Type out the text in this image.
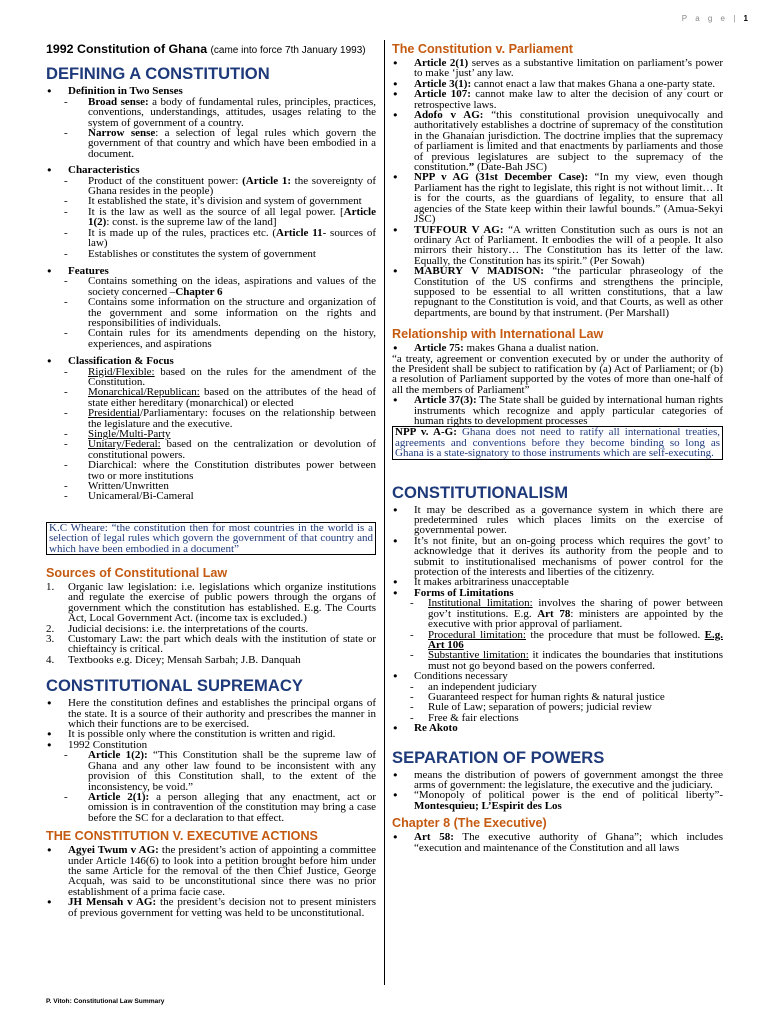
P a g e | 1
1992 Constitution of Ghana (came into force 7th January 1993)
DEFINING A CONSTITUTION
● Definition in Two Senses
- Broad sense: a body of fundamental rules, principles, practices, conventions, understandings, attitudes, usages relating to the system of government of a country.
- Narrow sense: a selection of legal rules which govern the government of that country and which have been embodied in a document.
● Characteristics
- Product of the constituent power: (Article 1: the sovereignty of Ghana resides in the people)
- It established the state, it’s division and system of government
- It is the law as well as the source of all legal power. [Article 1(2): const. is the supreme law of the land]
- It is made up of the rules, practices etc. (Article 11- sources of law)
- Establishes or constitutes the system of government
● Features
- Contains something on the ideas, aspirations and values of the society concerned –Chapter 6
- Contains some information on the structure and organization of the government and some information on the rights and responsibilities of individuals.
- Contain rules for its amendments depending on the history, experiences, and aspirations
● Classification & Focus
- Rigid/Flexible: based on the rules for the amendment of the Constitution.
- Monarchical/Republican: based on the attributes of the head of state either hereditary (monarchical) or elected
- Presidential/Parliamentary: focuses on the relationship between the legislature and the executive.
- Single/Multi-Party
- Unitary/Federal: based on the centralization or devolution of constitutional powers.
- Diarchical: where the Constitution distributes power between two or more institutions
- Written/Unwritten
- Unicameral/Bi-Cameral
K.C Wheare: “the constitution then for most countries in the world is a selection of legal rules which govern the government of that country and which have been embodied in a document”
Sources of Constitutional Law
1. Organic law legislation: i.e. legislations which organize institutions and regulate the exercise of public powers through the organs of government which the constitution has established. E.g. The Courts Act, Local Government Act. (income tax is excluded.)
2. Judicial decisions: i.e. the interpretations of the courts.
3. Customary Law: the part which deals with the institution of state or chieftaincy is critical.
4. Textbooks e.g. Dicey; Mensah Sarbah; J.B. Danquah
CONSTITUTIONAL SUPREMACY
● Here the constitution defines and establishes the principal organs of the state. It is a source of their authority and prescribes the manner in which their functions are to be exercised.
● It is possible only where the constitution is written and rigid.
● 1992 Constitution
- Article 1(2): “This Constitution shall be the supreme law of Ghana and any other law found to be inconsistent with any provision of this Constitution shall, to the extent of the inconsistency, be void.”
- Article 2(1): a person alleging that any enactment, act or omission is in contravention of the constitution may bring a case before the SC for a declaration to that effect.
THE CONSTITUTION V. EXECUTIVE ACTIONS
● Agyei Twum v AG: the president’s action of appointing a committee under Article 146(6) to look into a petition brought before him under the same Article for the removal of the then Chief Justice, George Acquah, was said to be unconstitutional since there was no prior establishment of a prima facie case.
● JH Mensah v AG: the president’s decision not to present ministers of previous government for vetting was held to be unconstitutional.
The Constitution v. Parliament
● Article 2(1) serves as a substantive limitation on parliament’s power to make ‘just’ any law.
● Article 3(1): cannot enact a law that makes Ghana a one-party state.
● Article 107: cannot make law to alter the decision of any court or retrospective laws.
● Adofo v AG: “this constitutional provision unequivocally and authoritatively establishes a doctrine of supremacy of the constitution in the Ghanaian jurisdiction. The doctrine implies that the supremacy of parliament is limited and that enactments by parliaments and those of previous legislatures are subject to the supremacy of the constitution.” (Date-Bah JSC)
● NPP v AG (31st December Case): “In my view, even though Parliament has the right to legislate, this right is not without limit… It is for the courts, as the guardians of legality, to ensure that all agencies of the State keep within their lawful bounds.” (Amua-Sekyi JSC)
● TUFFOUR V AG: “A written Constitution such as ours is not an ordinary Act of Parliament. It embodies the will of a people. It also mirrors their history… The Constitution has its letter of the law. Equally, the Constitution has its spirit.” (Per Sowah)
● MABURY V MADISON: “the particular phraseology of the Constitution of the US confirms and strengthens the principle, supposed to be essential to all written constitutions, that a law repugnant to the Constitution is void, and that Courts, as well as other departments, are bound by that instrument. (Per Marshall)
Relationship with International Law
● Article 75: makes Ghana a dualist nation.

“a treaty, agreement or convention executed by or under the authority of the President shall be subject to ratification by (a) Act of Parliament; or (b) a resolution of Parliament supported by the votes of more than one-half of all the members of Parliament”

● Article 37(3): The State shall be guided by international human rights instruments which recognize and apply particular categories of human rights to development processes
NPP v. A-G: Ghana does not need to ratify all international treaties, agreements and conventions before they become binding so long as Ghana is a state-signatory to those instruments which are self-executing.
CONSTITUTIONALISM
● It may be described as a governance system in which there are predetermined rules which places limits on the exercise of governmental power.
● It’s not finite, but an on-going process which requires the govt’ to acknowledge that it derives its authority from the people and to submit to institutionalised mechanisms of power control for the protection of the interests and liberties of the citizenry.
● It makes arbitrariness unacceptable
● Forms of Limitations
- Institutional limitation: involves the sharing of power between gov’t institutions. E.g. Art 78: ministers are appointed by the executive with prior approval of parliament.
- Procedural limitation: the procedure that must be followed. E.g. Art 106
- Substantive limitation: it indicates the boundaries that institutions must not go beyond based on the powers conferred.
● Conditions necessary
- an independent judiciary
- Guaranteed respect for human rights & natural justice
- Rule of Law; separation of powers; judicial review
- Free & fair elections
● Re Akoto
SEPARATION OF POWERS
● means the distribution of powers of government amongst the three arms of government: the legislature, the executive and the judiciary.
● “Monopoly of political power is the end of political liberty”- Montesquieu; L’Espirit des Los
Chapter 8 (The Executive)
● Art 58: The executive authority of Ghana”; which includes “execution and maintenance of the Constitution and all laws
P. Vitoh: Constitutional Law Summary
